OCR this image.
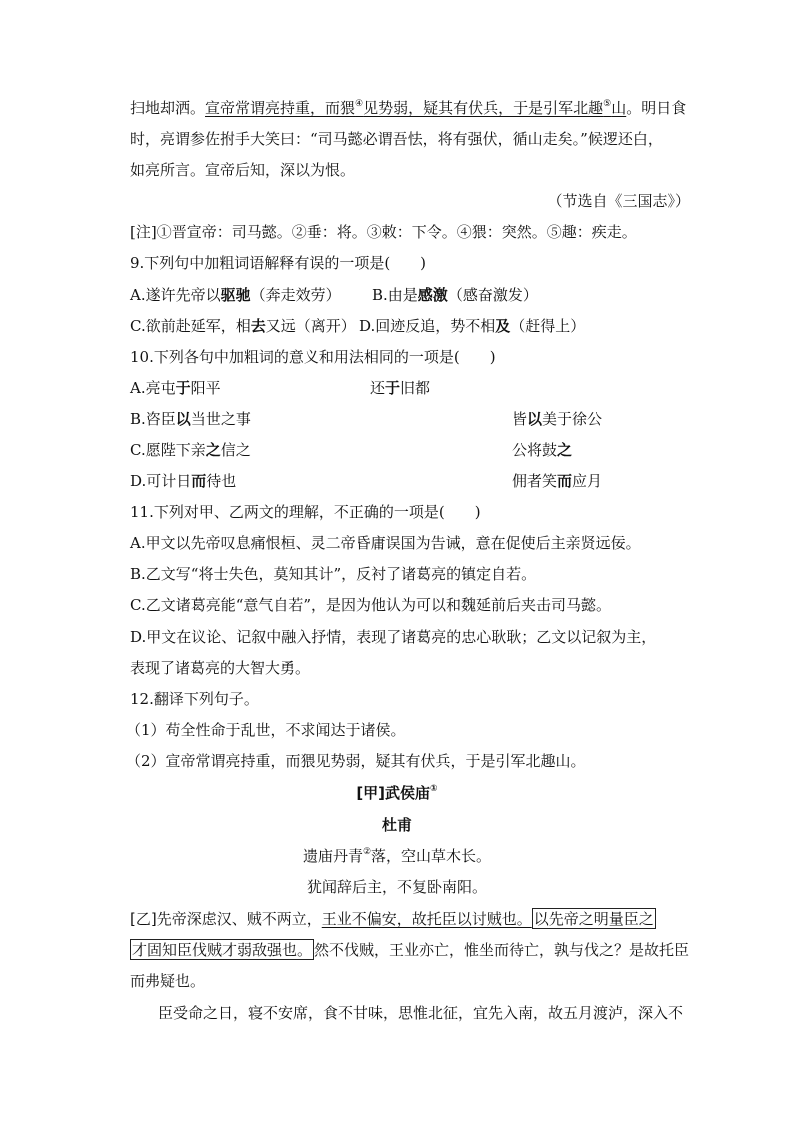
扫地却洒。宣帝常谓亮持重，而猥④见势弱，疑其有伏兵，于是引军北趣⑤山。明日食
时，亮谓参佐拊手大笑曰：“司马懿必谓吾怯，将有强伏，循山走矣。”候逻还白，
如亮所言。宣帝后知，深以为恨。
（节选自《三国志》）
[注]①晋宣帝：司马懿。②垂：将。③敕：下令。④猥：突然。⑤趣：疾走。
9.下列句中加粗词语解释有误的一项是(　　)
A.遂许先帝以驱驰（奔走效劳） B.由是感激（感奋激发）
C.欲前赴延军，相去又远（离开） D.回迹反追，势不相及（赶得上）
10.下列各句中加粗词的意义和用法相同的一项是(　　)
A.亮屯于阳平	还于旧都
B.咨臣以当世之事	皆以美于徐公
C.愿陛下亲之信之	公将鼓之
D.可计日而待也	佣者笑而应月
11.下列对甲、乙两文的理解，不正确的一项是(　　)
A.甲文以先帝叹息痛恨桓、灵二帝昏庸误国为告诫，意在促使后主亲贤远佞。
B.乙文写“将士失色，莫知其计”，反衬了诸葛亮的镇定自若。
C.乙文诸葛亮能“意气自若”，是因为他认为可以和魏延前后夹击司马懿。
D.甲文在议论、记叙中融入抒情，表现了诸葛亮的忠心耿耿；乙文以记叙为主，
表现了诸葛亮的大智大勇。
12.翻译下列句子。
（1）苟全性命于乱世，不求闻达于诸侯。
（2）宣帝常谓亮持重，而猥见势弱，疑其有伏兵，于是引军北趣山。
[甲]武侯庙①
杜甫
遗庙丹青②落，空山草木长。
犹闻辞后主，不复卧南阳。
[乙]先帝深虑汉、贼不两立，王业不偏安，故托臣以讨贼也。 以先帝之明量臣之
才固知臣伐贼才弱敌强也。 然不伐贼，王业亦亡，惟坐而待亡，孰与伐之？是故托臣
而弗疑也。
臣受命之日，寝不安席，食不甘味，思惟北征，宜先入南，故五月渡泸，深入不
